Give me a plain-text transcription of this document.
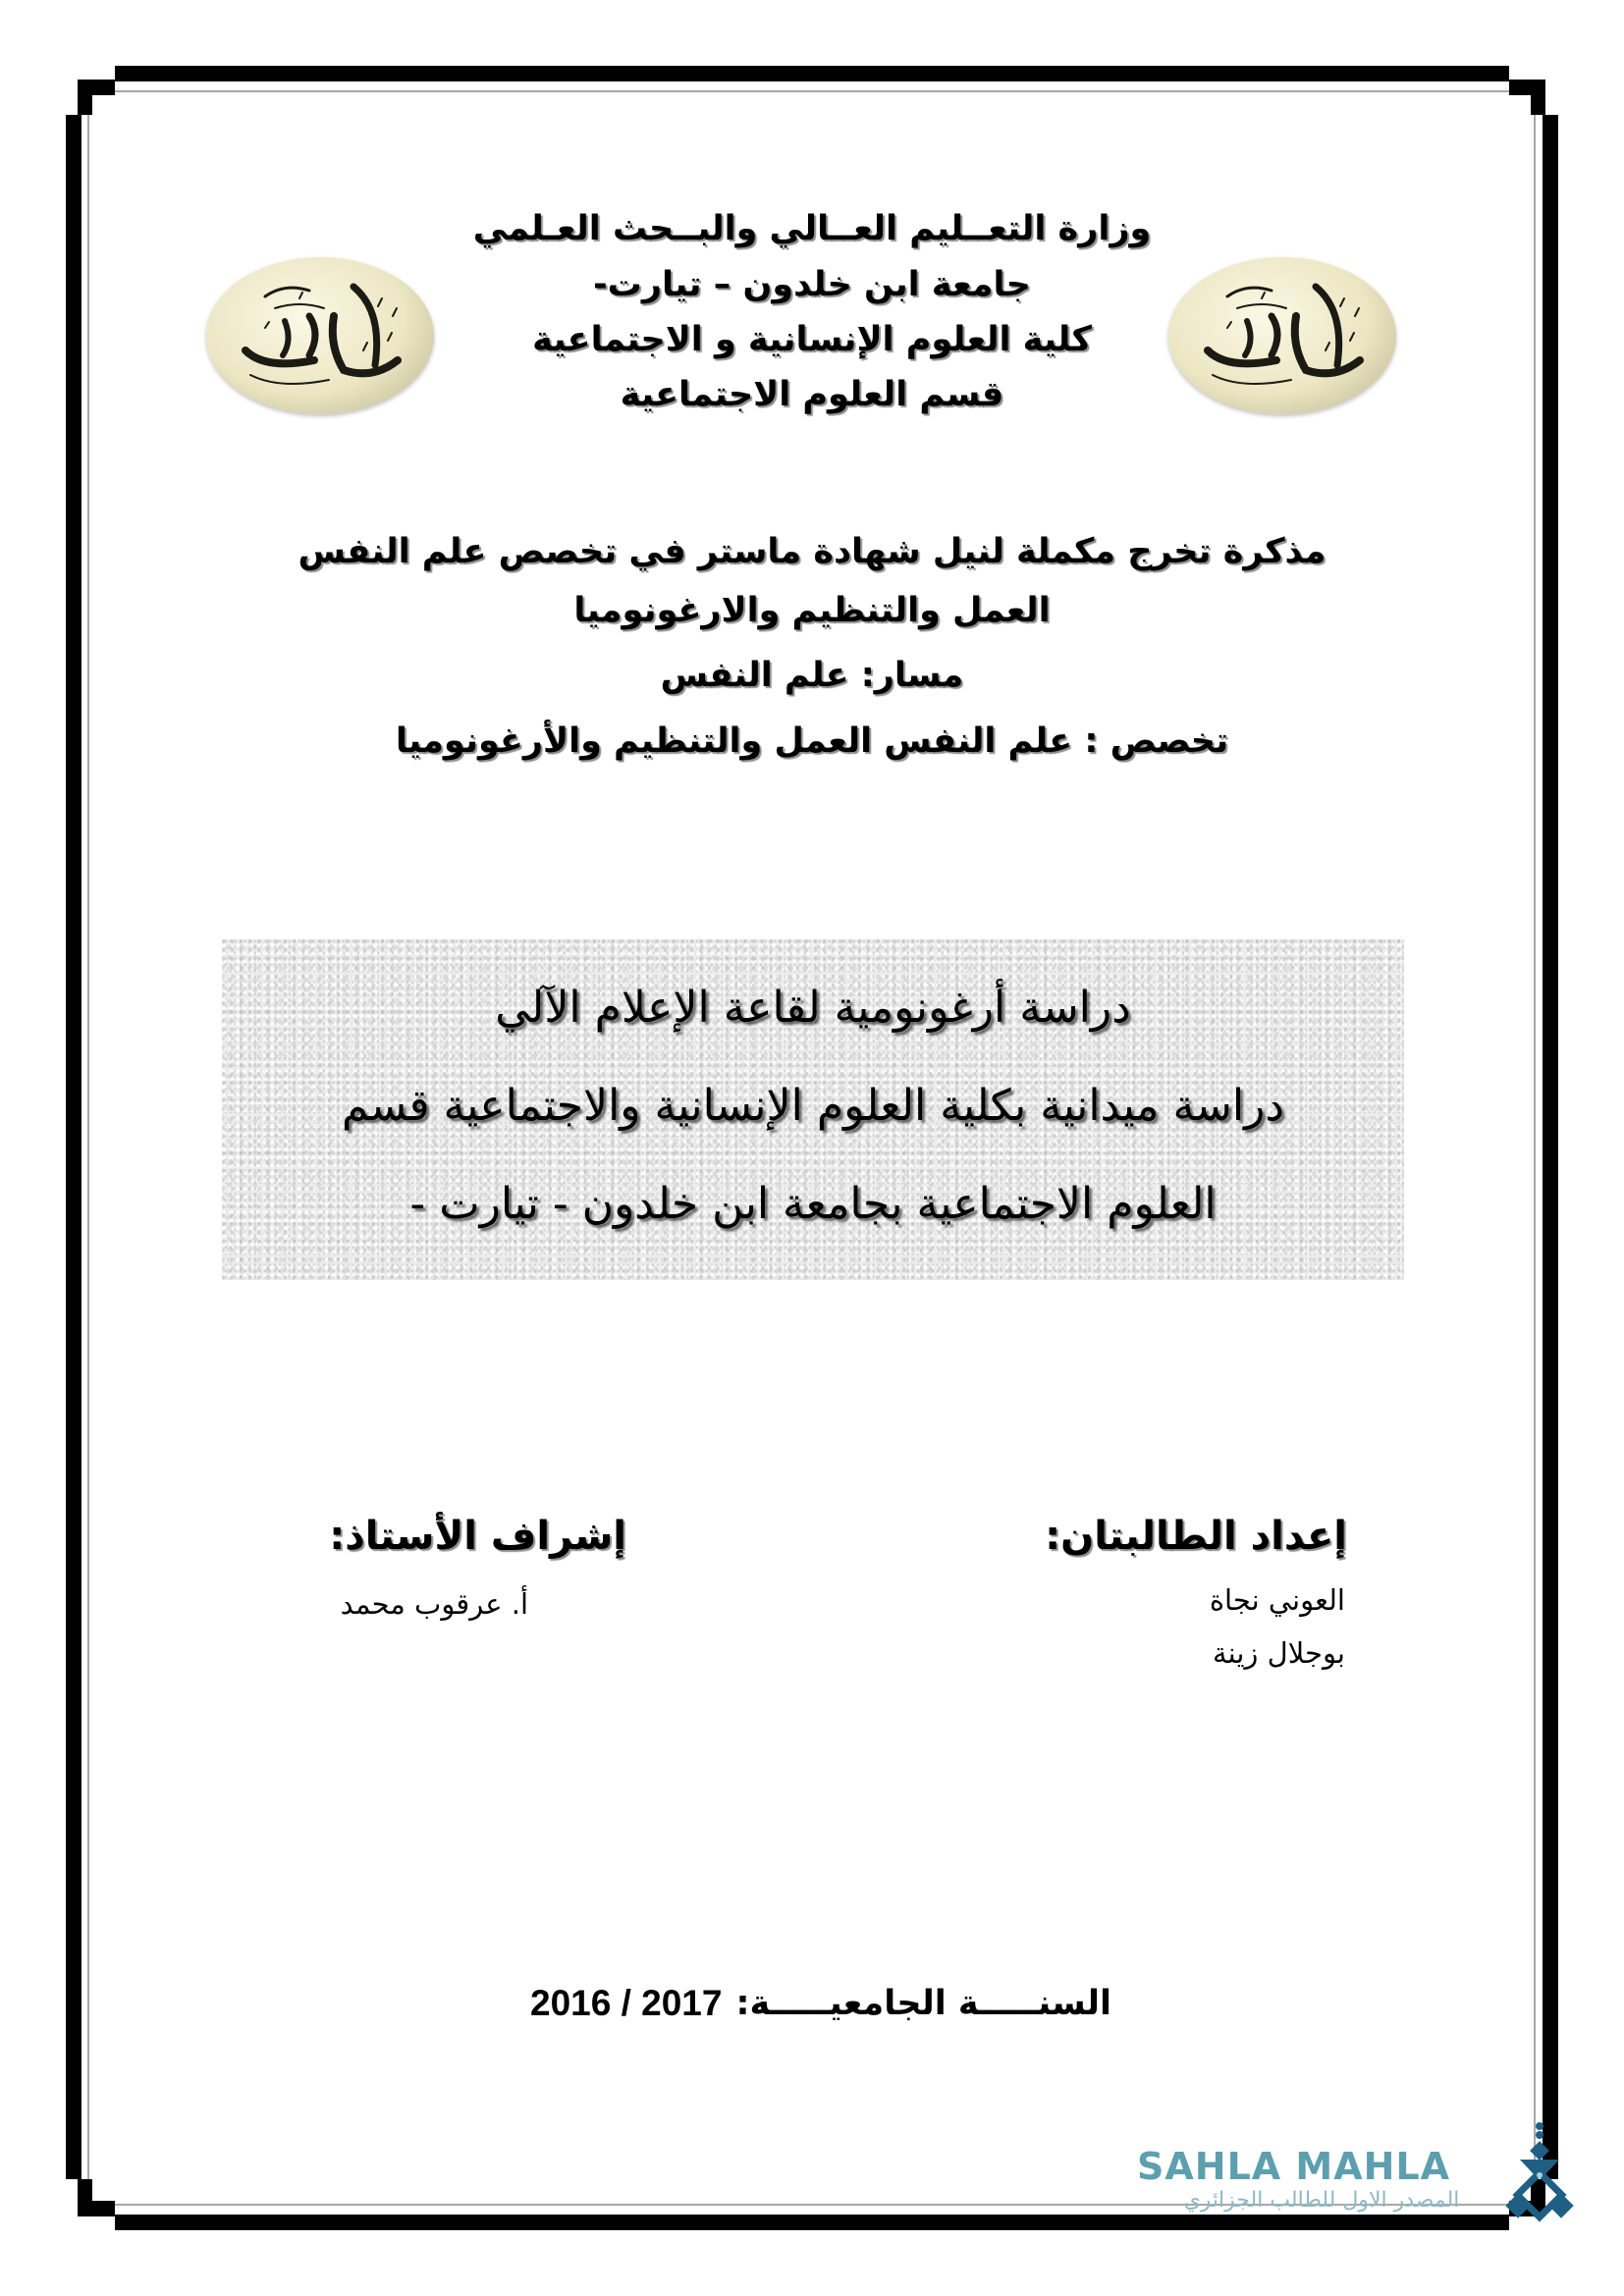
وزارة التعــليم العــالي والبــحث العـلمي
جامعة ابن خلدون – تيارت-
كلية العلوم الإنسانية و الاجتماعية
قسم العلوم الاجتماعية
مذكرة تخرج مكملة لنيل شهادة ماستر في تخصص علم النفس
العمل والتنظيم والارغونوميا
مسار: علم النفس
تخصص : علم النفس العمل والتنظيم والأرغونوميا
دراسة أرغونومية لقاعة الإعلام الآلي
دراسة ميدانية بكلية العلوم الإنسانية والاجتماعية قسم
العلوم الاجتماعية بجامعة ابن خلدون - تيارت -
إعداد الطالبتان:
العوني نجاة
بوجلال زينة
إشراف الأستاذ:
أ. عرقوب محمد
السنـــــة الجامعيـــــة:
2016 / 2017
SAHLA MAHLA
المصدر الاول للطالب الجزائري
